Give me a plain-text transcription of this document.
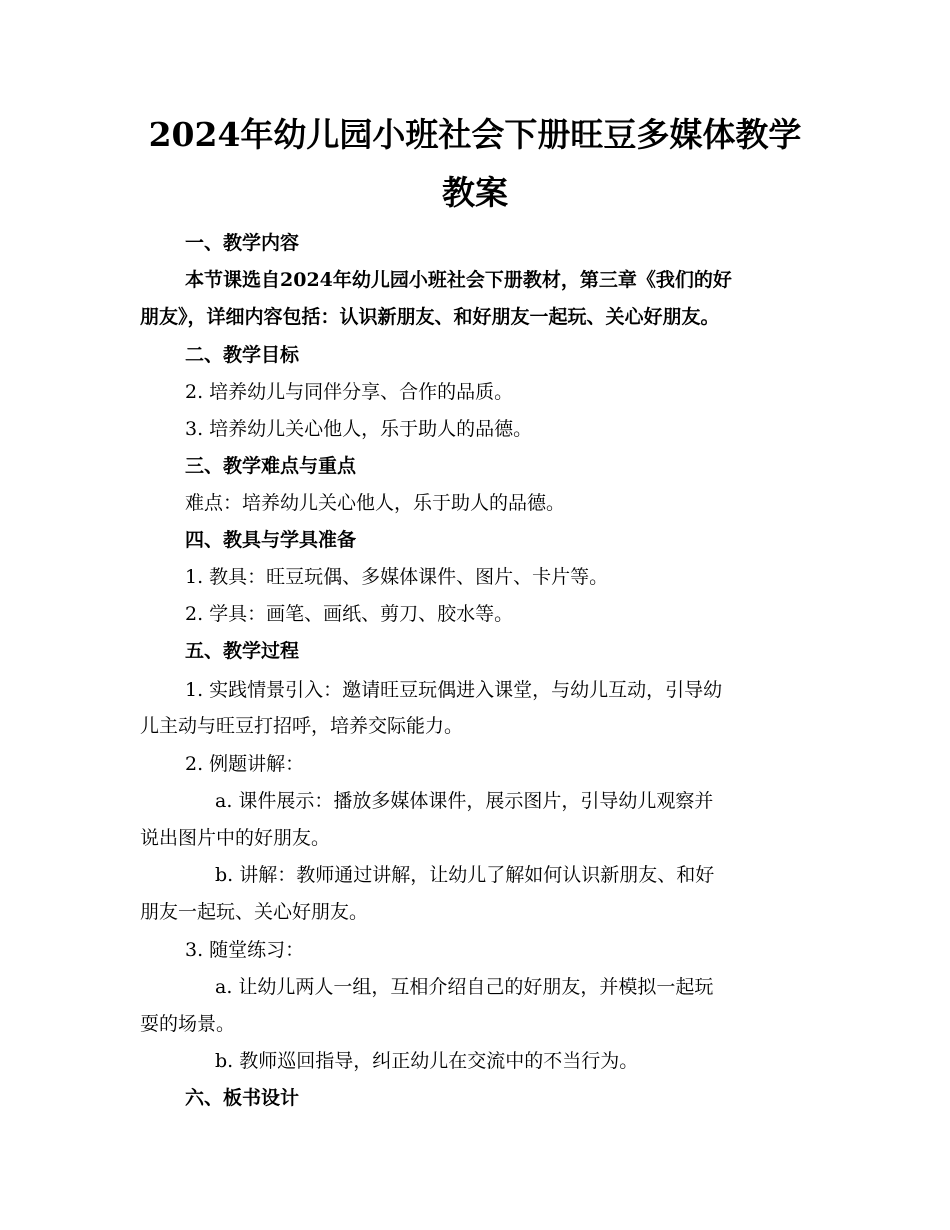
2024年幼儿园小班社会下册旺豆多媒体教学
教案
一、教学内容
本节课选自2024年幼儿园小班社会下册教材，第三章《我们的好
朋友》，详细内容包括：认识新朋友、和好朋友一起玩、关心好朋友。
二、教学目标
2. 培养幼儿与同伴分享、合作的品质。
3. 培养幼儿关心他人，乐于助人的品德。
三、教学难点与重点
难点：培养幼儿关心他人，乐于助人的品德。
四、教具与学具准备
1. 教具：旺豆玩偶、多媒体课件、图片、卡片等。
2. 学具：画笔、画纸、剪刀、胶水等。
五、教学过程
1. 实践情景引入：邀请旺豆玩偶进入课堂，与幼儿互动，引导幼
儿主动与旺豆打招呼，培养交际能力。
2. 例题讲解：
a. 课件展示：播放多媒体课件，展示图片，引导幼儿观察并
说出图片中的好朋友。
b. 讲解：教师通过讲解，让幼儿了解如何认识新朋友、和好
朋友一起玩、关心好朋友。
3. 随堂练习：
a. 让幼儿两人一组，互相介绍自己的好朋友，并模拟一起玩
耍的场景。
b. 教师巡回指导，纠正幼儿在交流中的不当行为。
六、板书设计
